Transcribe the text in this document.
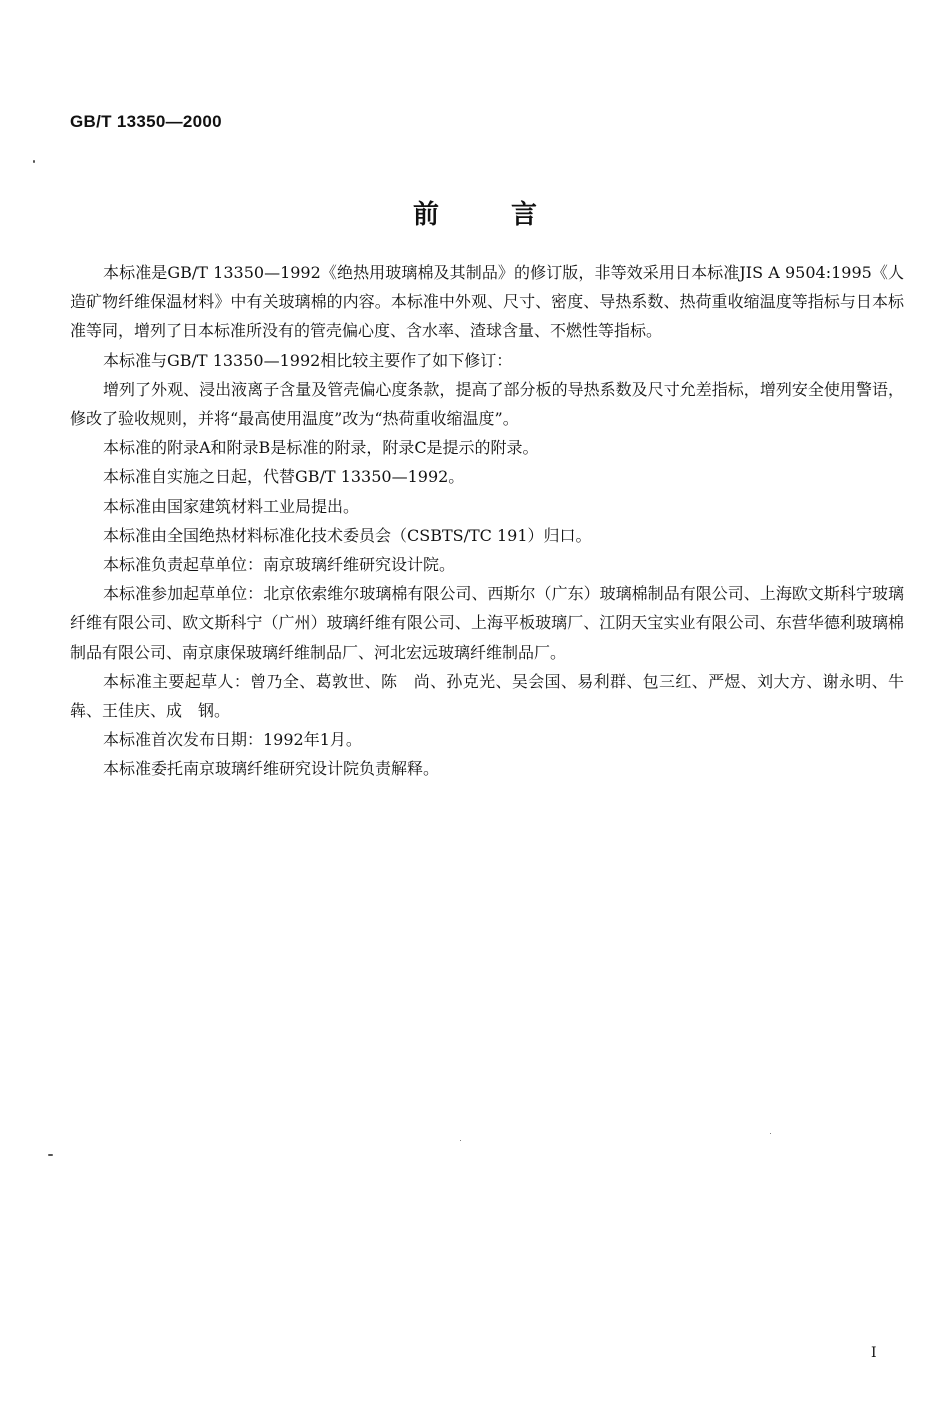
GB/T 13350—2000
前言

本标准是GB/T 13350—1992《绝热用玻璃棉及其制品》的修订版，非等效采用日本标准JIS A 9504:1995《人造矿物纤维保温材料》中有关玻璃棉的内容。本标准中外观、尺寸、密度、导热系数、热荷重收缩温度等指标与日本标准等同，增列了日本标准所没有的管壳偏心度、含水率、渣球含量、不燃性等指标。

本标准与GB/T 13350—1992相比较主要作了如下修订：

增列了外观、浸出液离子含量及管壳偏心度条款，提高了部分板的导热系数及尺寸允差指标，增列安全使用警语，修改了验收规则，并将“最高使用温度”改为“热荷重收缩温度”。

本标准的附录A和附录B是标准的附录，附录C是提示的附录。

本标准自实施之日起，代替GB/T 13350—1992。

本标准由国家建筑材料工业局提出。

本标准由全国绝热材料标准化技术委员会（CSBTS/TC 191）归口。

本标准负责起草单位：南京玻璃纤维研究设计院。

本标准参加起草单位：北京依索维尔玻璃棉有限公司、西斯尔（广东）玻璃棉制品有限公司、上海欧文斯科宁玻璃纤维有限公司、欧文斯科宁（广州）玻璃纤维有限公司、上海平板玻璃厂、江阴天宝实业有限公司、东营华德利玻璃棉制品有限公司、南京康保玻璃纤维制品厂、河北宏远玻璃纤维制品厂。

本标准主要起草人：曾乃全、葛敦世、陈　尚、孙克光、吴会国、易利群、包三红、严煜、刘大方、谢永明、牛犇、王佳庆、成　钢。

本标准首次发布日期：1992年1月。

本标准委托南京玻璃纤维研究设计院负责解释。

I
